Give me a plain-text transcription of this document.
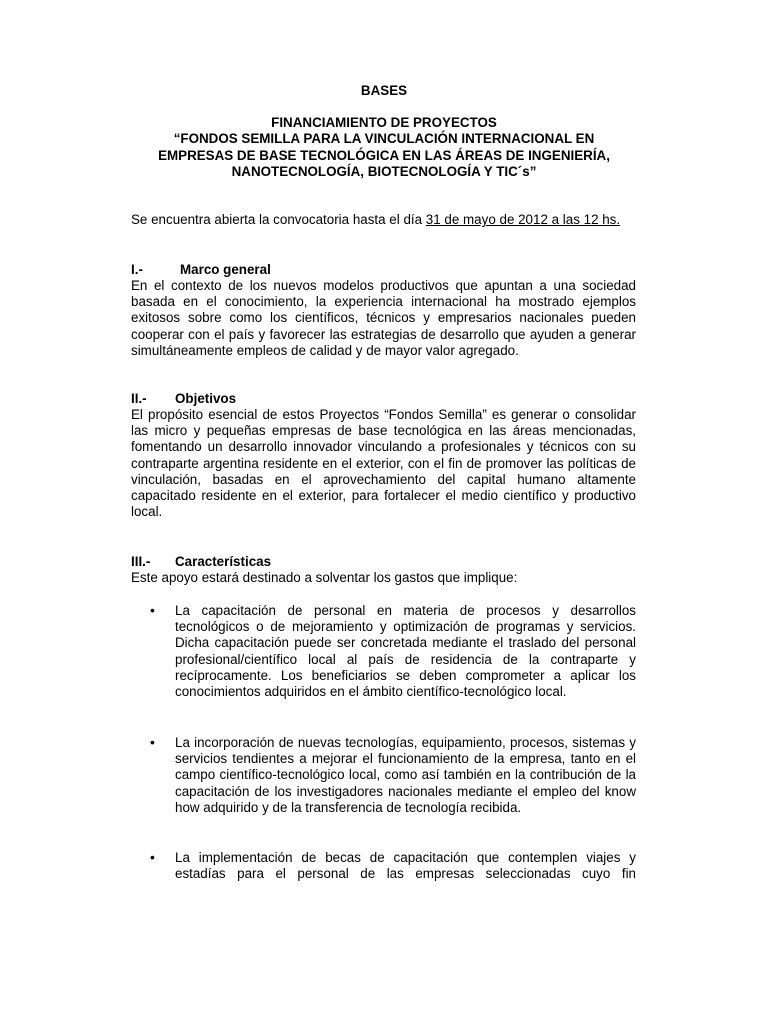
BASES
FINANCIAMIENTO DE PROYECTOS
“FONDOS SEMILLA PARA LA VINCULACIÓN INTERNACIONAL EN
EMPRESAS DE BASE TECNOLÓGICA EN LAS ÁREAS DE INGENIERÍA,
NANOTECNOLOGÍA, BIOTECNOLOGÍA Y TIC´s”
Se encuentra abierta la convocatoria hasta el día 31 de mayo de 2012 a las 12 hs.
I.-	Marco general
En el contexto de los nuevos modelos productivos que apuntan a una sociedad basada en el conocimiento, la experiencia internacional ha mostrado ejemplos exitosos sobre como los científicos, técnicos y empresarios nacionales pueden cooperar con el país y favorecer las estrategias de desarrollo que ayuden a generar simultáneamente empleos de calidad y de mayor valor agregado.
II.- Objetivos
El propósito esencial de estos Proyectos “Fondos Semilla” es generar o consolidar las micro y pequeñas empresas de base tecnológica en las áreas mencionadas, fomentando un desarrollo innovador vinculando a profesionales y técnicos con su contraparte argentina residente en el exterior, con el fin de promover las políticas de vinculación, basadas en el aprovechamiento del capital humano altamente capacitado residente en el exterior, para fortalecer el medio científico y productivo local.
III.- Características
Este apoyo estará destinado a solventar los gastos que implique:
• La capacitación de personal en materia de procesos y desarrollos tecnológicos o de mejoramiento y optimización de programas y servicios. Dicha capacitación puede ser concretada mediante el traslado del personal profesional/científico local al país de residencia de la contraparte y recíprocamente. Los beneficiarios se deben comprometer a aplicar los conocimientos adquiridos en el ámbito científico-tecnológico local.
• La incorporación de nuevas tecnologías, equipamiento, procesos, sistemas y servicios tendientes a mejorar el funcionamiento de la empresa, tanto en el campo científico-tecnológico local, como así también en la contribución de la capacitación de los investigadores nacionales mediante el empleo del know how adquirido y de la transferencia de tecnología recibida.
• La implementación de becas de capacitación que contemplen viajes y estadías para el personal de las empresas seleccionadas cuyo fin
